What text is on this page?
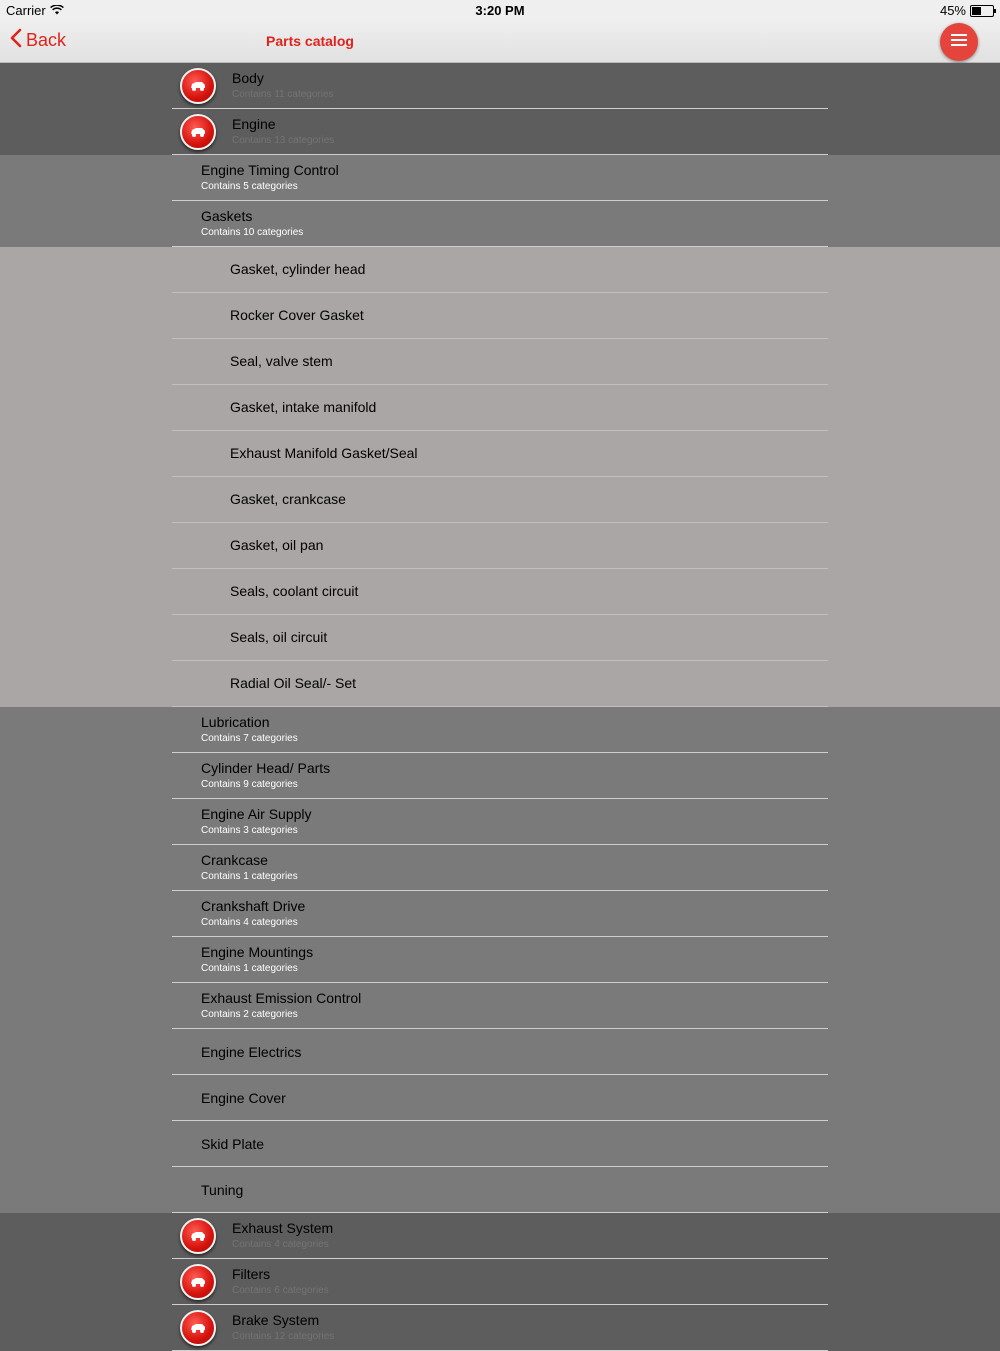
Carrier	3:20 PM	45%
Back	Parts catalog
Body
Contains 11 categories
Engine
Contains 13 categories
Engine Timing Control
Contains 5 categories
Gaskets
Contains 10 categories
Gasket, cylinder head
Rocker Cover Gasket
Seal, valve stem
Gasket, intake manifold
Exhaust Manifold Gasket/Seal
Gasket, crankcase
Gasket, oil pan
Seals, coolant circuit
Seals, oil circuit
Radial Oil Seal/- Set
Lubrication
Contains 7 categories
Cylinder Head/ Parts
Contains 9 categories
Engine Air Supply
Contains 3 categories
Crankcase
Contains 1 categories
Crankshaft Drive
Contains 4 categories
Engine Mountings
Contains 1 categories
Exhaust Emission Control
Contains 2 categories
Engine Electrics
Engine Cover
Skid Plate
Tuning
Exhaust System
Contains 4 categories
Filters
Contains 6 categories
Brake System
Contains 12 categories
